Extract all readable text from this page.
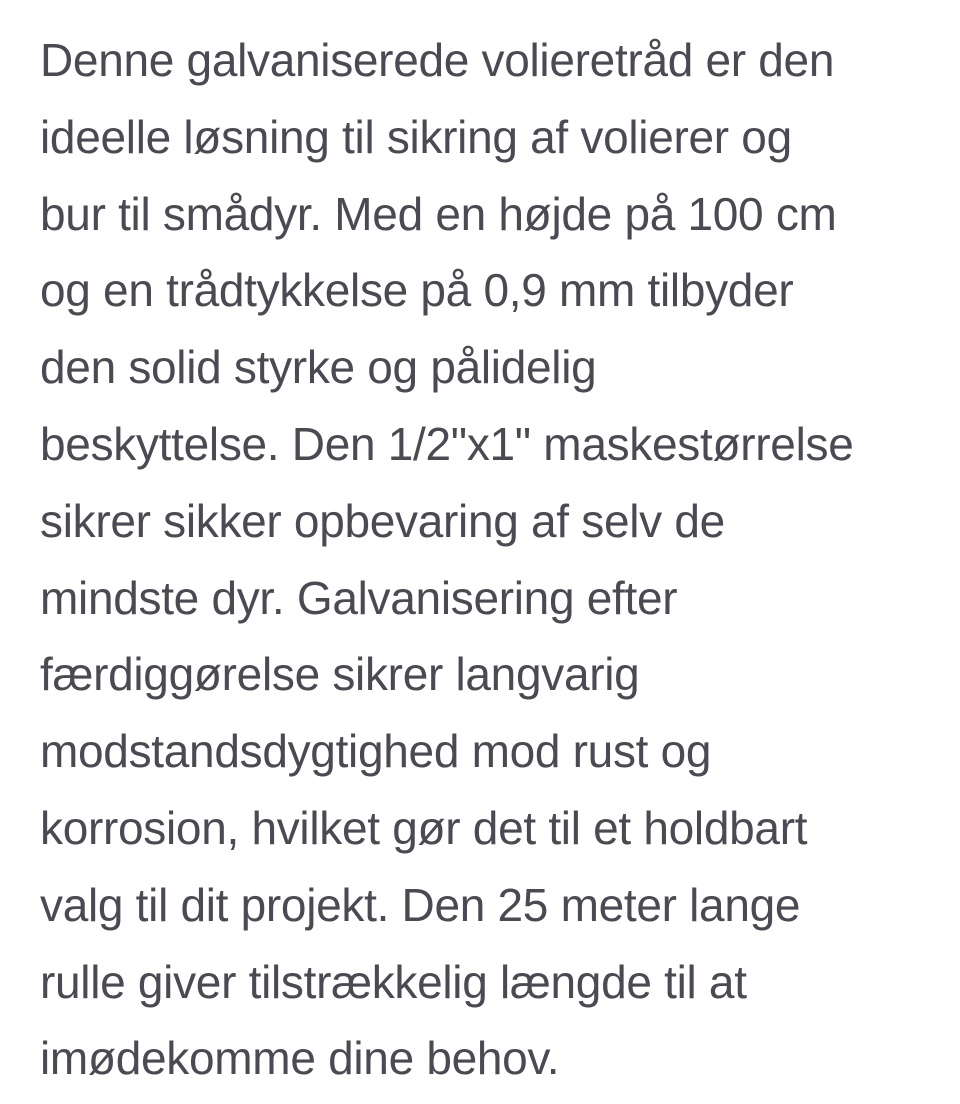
Denne galvaniserede volieretråd er den
ideelle løsning til sikring af volierer og
bur til smådyr. Med en højde på 100 cm
og en trådtykkelse på 0,9 mm tilbyder
den solid styrke og pålidelig
beskyttelse. Den 1/2"x1" maskestørrelse
sikrer sikker opbevaring af selv de
mindste dyr. Galvanisering efter
færdiggørelse sikrer langvarig
modstandsdygtighed mod rust og
korrosion, hvilket gør det til et holdbart
valg til dit projekt. Den 25 meter lange
rulle giver tilstrækkelig længde til at
imødekomme dine behov.
